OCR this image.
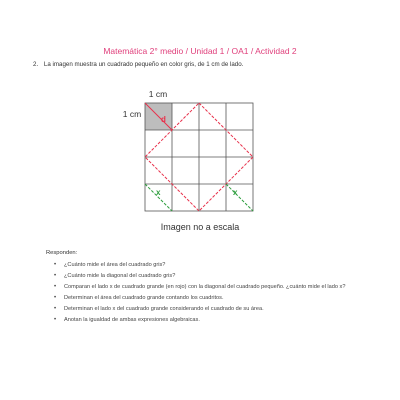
Matemática 2° medio / Unidad 1 / OA1 / Actividad 2
2. La imagen muestra un cuadrado pequeño en color gris, de 1 cm de lado.
1 cm
1 cm
d
x	x
Imagen no a escala
Responden:
• ¿Cuánto mide el área del cuadrado gris?
• ¿Cuánto mide la diagonal del cuadrado gris?
• Comparan el lado x de cuadrado grande (en rojo) con la diagonal del cuadrado pequeño. ¿cuánto mide el lado x?
• Determinan el área del cuadrado grande contando los cuadritos.
• Determinan el lado x del cuadrado grande considerando el cuadrado de su área.
• Anotan la igualdad de ambas expresiones algebraicas.
